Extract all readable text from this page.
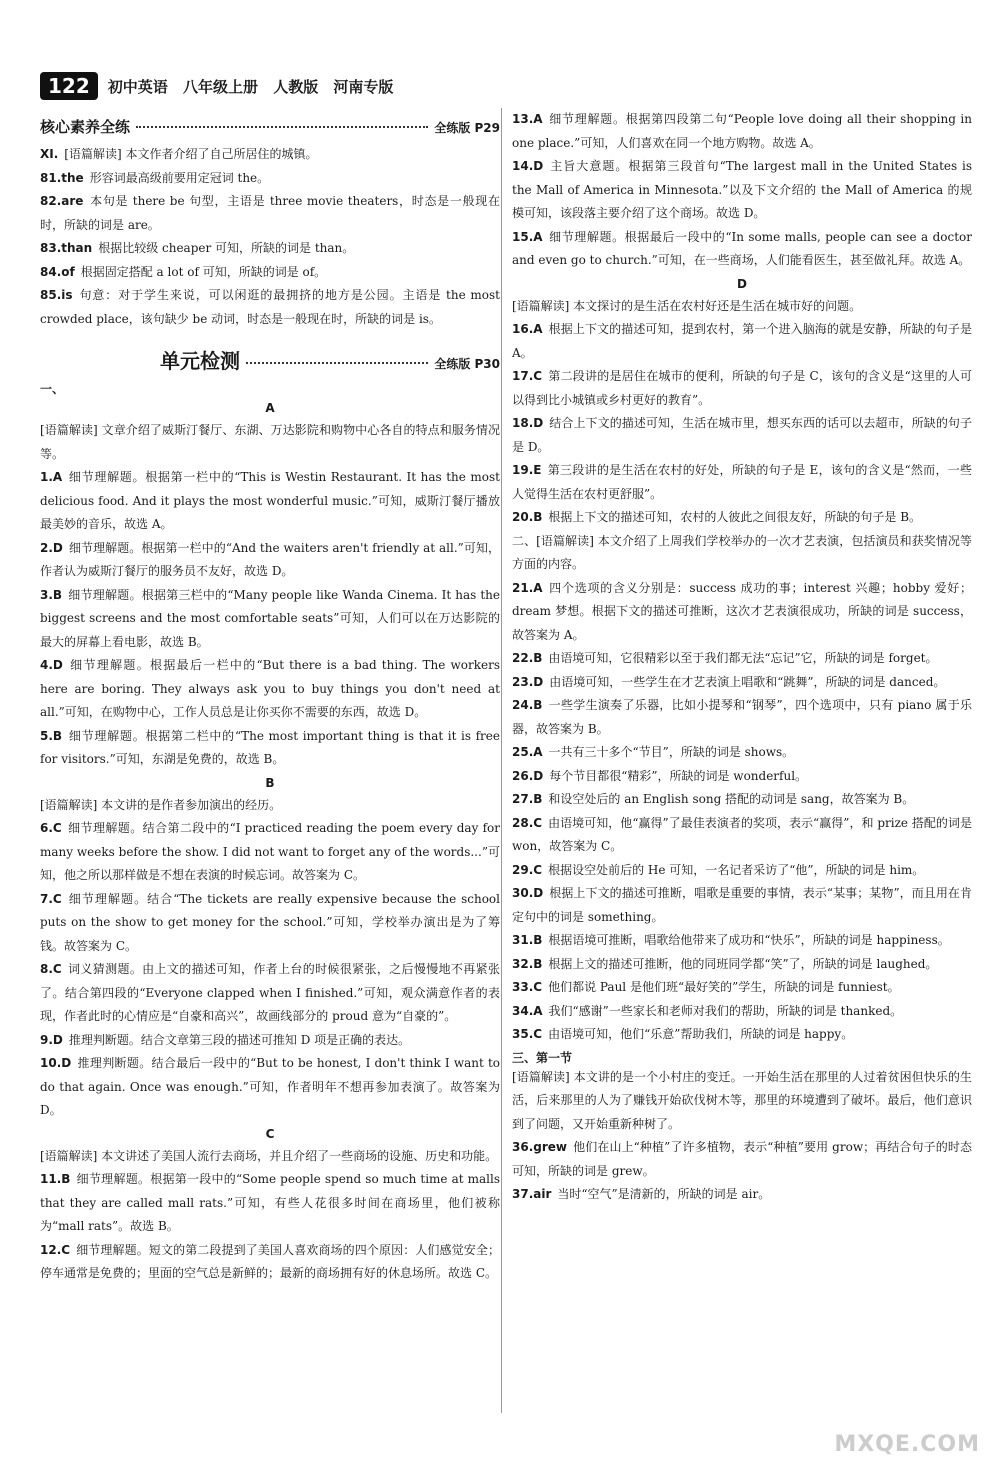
122	初中英语 八年级上册 人教版 河南专版
核心素养全练	全练版 P29

XI. [语篇解读] 本文作者介绍了自己所居住的城镇。

81.the 形容词最高级前要用定冠词 the。

82.are 本句是 there be 句型，主语是 three movie theaters，时态是一般现在时，所缺的词是 are。

83.than 根据比较级 cheaper 可知，所缺的词是 than。

84.of 根据固定搭配 a lot of 可知，所缺的词是 of。

85.is 句意：对于学生来说，可以闲逛的最拥挤的地方是公园。主语是 the most crowded place，该句缺少 be 动词，时态是一般现在时，所缺的词是 is。

单元检测	全练版 P30
一、
A

[语篇解读] 文章介绍了威斯汀餐厅、东湖、万达影院和购物中心各自的特点和服务情况等。

1.A 细节理解题。根据第一栏中的“This is Westin Restaurant. It has the most delicious food. And it plays the most wonderful music.”可知，威斯汀餐厅播放最美妙的音乐，故选 A。

2.D 细节理解题。根据第一栏中的“And the waiters aren't friendly at all.”可知，作者认为威斯汀餐厅的服务员不友好，故选 D。

3.B 细节理解题。根据第三栏中的“Many people like Wanda Cinema. It has the biggest screens and the most comfortable seats”可知，人们可以在万达影院的最大的屏幕上看电影，故选 B。

4.D 细节理解题。根据最后一栏中的“But there is a bad thing. The workers here are boring. They always ask you to buy things you don't need at all.”可知，在购物中心，工作人员总是让你买你不需要的东西，故选 D。

5.B 细节理解题。根据第二栏中的“The most important thing is that it is free for visitors.”可知，东湖是免费的，故选 B。

B

[语篇解读] 本文讲的是作者参加演出的经历。

6.C 细节理解题。结合第二段中的“I practiced reading the poem every day for many weeks before the show. I did not want to forget any of the words...”可知，他之所以那样做是不想在表演的时候忘词。故答案为 C。

7.C 细节理解题。结合“The tickets are really expensive because the school puts on the show to get money for the school.”可知，学校举办演出是为了筹钱。故答案为 C。

8.C 词义猜测题。由上文的描述可知，作者上台的时候很紧张，之后慢慢地不再紧张了。结合第四段的“Everyone clapped when I finished.”可知，观众满意作者的表现，作者此时的心情应是“自豪和高兴”，故画线部分的 proud 意为“自豪的”。

9.D 推理判断题。结合文章第三段的描述可推知 D 项是正确的表达。

10.D 推理判断题。结合最后一段中的“But to be honest, I don't think I want to do that again. Once was enough.”可知，作者明年不想再参加表演了。故答案为 D。

C

[语篇解读] 本文讲述了美国人流行去商场，并且介绍了一些商场的设施、历史和功能。

11.B 细节理解题。根据第一段中的“Some people spend so much time at malls that they are called mall rats.”可知，有些人花很多时间在商场里，他们被称为“mall rats”。故选 B。

12.C 细节理解题。短文的第二段提到了美国人喜欢商场的四个原因：人们感觉安全；停车通常是免费的；里面的空气总是新鲜的；最新的商场拥有好的休息场所。故选 C。

13.A 细节理解题。根据第四段第二句“People love doing all their shopping in one place.”可知，人们喜欢在同一个地方购物。故选 A。

14.D 主旨大意题。根据第三段首句“The largest mall in the United States is the Mall of America in Minnesota.”以及下文介绍的 the Mall of America 的规模可知，该段落主要介绍了这个商场。故选 D。

15.A 细节理解题。根据最后一段中的“In some malls, people can see a doctor and even go to church.”可知，在一些商场，人们能看医生，甚至做礼拜。故选 A。

D

[语篇解读] 本文探讨的是生活在农村好还是生活在城市好的问题。

16.A 根据上下文的描述可知，提到农村，第一个进入脑海的就是安静，所缺的句子是 A。

17.C 第二段讲的是居住在城市的便利，所缺的句子是 C，该句的含义是“这里的人可以得到比小城镇或乡村更好的教育”。

18.D 结合上下文的描述可知，生活在城市里，想买东西的话可以去超市，所缺的句子是 D。

19.E 第三段讲的是生活在农村的好处，所缺的句子是 E，该句的含义是“然而，一些人觉得生活在农村更舒服”。

20.B 根据上下文的描述可知，农村的人彼此之间很友好，所缺的句子是 B。

二、[语篇解读] 本文介绍了上周我们学校举办的一次才艺表演，包括演员和获奖情况等方面的内容。

21.A 四个选项的含义分别是：success 成功的事；interest 兴趣；hobby 爱好；dream 梦想。根据下文的描述可推断，这次才艺表演很成功，所缺的词是 success，故答案为 A。

22.B 由语境可知，它很精彩以至于我们都无法“忘记”它，所缺的词是 forget。

23.D 由语境可知，一些学生在才艺表演上唱歌和“跳舞”，所缺的词是 danced。

24.B 一些学生演奏了乐器，比如小提琴和“钢琴”，四个选项中，只有 piano 属于乐器，故答案为 B。

25.A 一共有三十多个“节目”，所缺的词是 shows。

26.D 每个节目都很“精彩”，所缺的词是 wonderful。

27.B 和设空处后的 an English song 搭配的动词是 sang，故答案为 B。

28.C 由语境可知，他“赢得”了最佳表演者的奖项，表示“赢得”，和 prize 搭配的词是 won，故答案为 C。

29.C 根据设空处前后的 He 可知，一名记者采访了“他”，所缺的词是 him。

30.D 根据上下文的描述可推断，唱歌是重要的事情，表示“某事；某物”，而且用在肯定句中的词是 something。

31.B 根据语境可推断，唱歌给他带来了成功和“快乐”，所缺的词是 happiness。

32.B 根据上文的描述可推断，他的同班同学都“笑”了，所缺的词是 laughed。

33.C 他们都说 Paul 是他们班“最好笑的”学生，所缺的词是 funniest。

34.A 我们“感谢”一些家长和老师对我们的帮助，所缺的词是 thanked。

35.C 由语境可知，他们“乐意”帮助我们，所缺的词是 happy。

三、第一节

[语篇解读] 本文讲的是一个小村庄的变迁。一开始生活在那里的人过着贫困但快乐的生活，后来那里的人为了赚钱开始砍伐树木等，那里的环境遭到了破坏。最后，他们意识到了问题，又开始重新种树了。

36.grew 他们在山上“种植”了许多植物，表示“种植”要用 grow；再结合句子的时态可知，所缺的词是 grew。

37.air 当时“空气”是清新的，所缺的词是 air。

MXQE.COM
